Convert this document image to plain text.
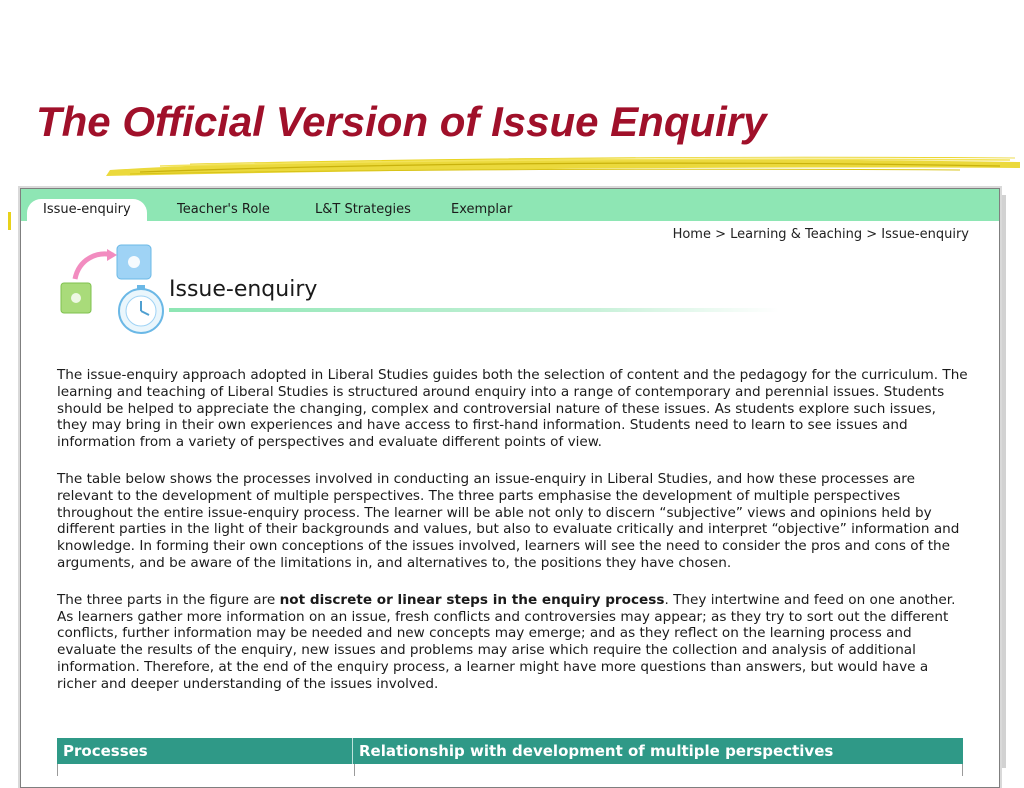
The Official Version of Issue Enquiry
Issue-enquiry	Teacher's Role	L&T Strategies	Exemplar
Home > Learning & Teaching > Issue-enquiry
Issue-enquiry

The issue-enquiry approach adopted in Liberal Studies guides both the selection of content and the pedagogy for the curriculum. The learning and teaching of Liberal Studies is structured around enquiry into a range of contemporary and perennial issues. Students should be helped to appreciate the changing, complex and controversial nature of these issues. As students explore such issues, they may bring in their own experiences and have access to first-hand information. Students need to learn to see issues and information from a variety of perspectives and evaluate different points of view.

The table below shows the processes involved in conducting an issue-enquiry in Liberal Studies, and how these processes are relevant to the development of multiple perspectives. The three parts emphasise the development of multiple perspectives throughout the entire issue-enquiry process. The learner will be able not only to discern “subjective” views and opinions held by different parties in the light of their backgrounds and values, but also to evaluate critically and interpret “objective” information and knowledge. In forming their own conceptions of the issues involved, learners will see the need to consider the pros and cons of the arguments, and be aware of the limitations in, and alternatives to, the positions they have chosen.

The three parts in the figure are not discrete or linear steps in the enquiry process. They intertwine and feed on one another. As learners gather more information on an issue, fresh conflicts and controversies may appear; as they try to sort out the different conflicts, further information may be needed and new concepts may emerge; and as they reflect on the learning process and evaluate the results of the enquiry, new issues and problems may arise which require the collection and analysis of additional information. Therefore, at the end of the enquiry process, a learner might have more questions than answers, but would have a richer and deeper understanding of the issues involved.

Processes	Relationship with development of multiple perspectives
